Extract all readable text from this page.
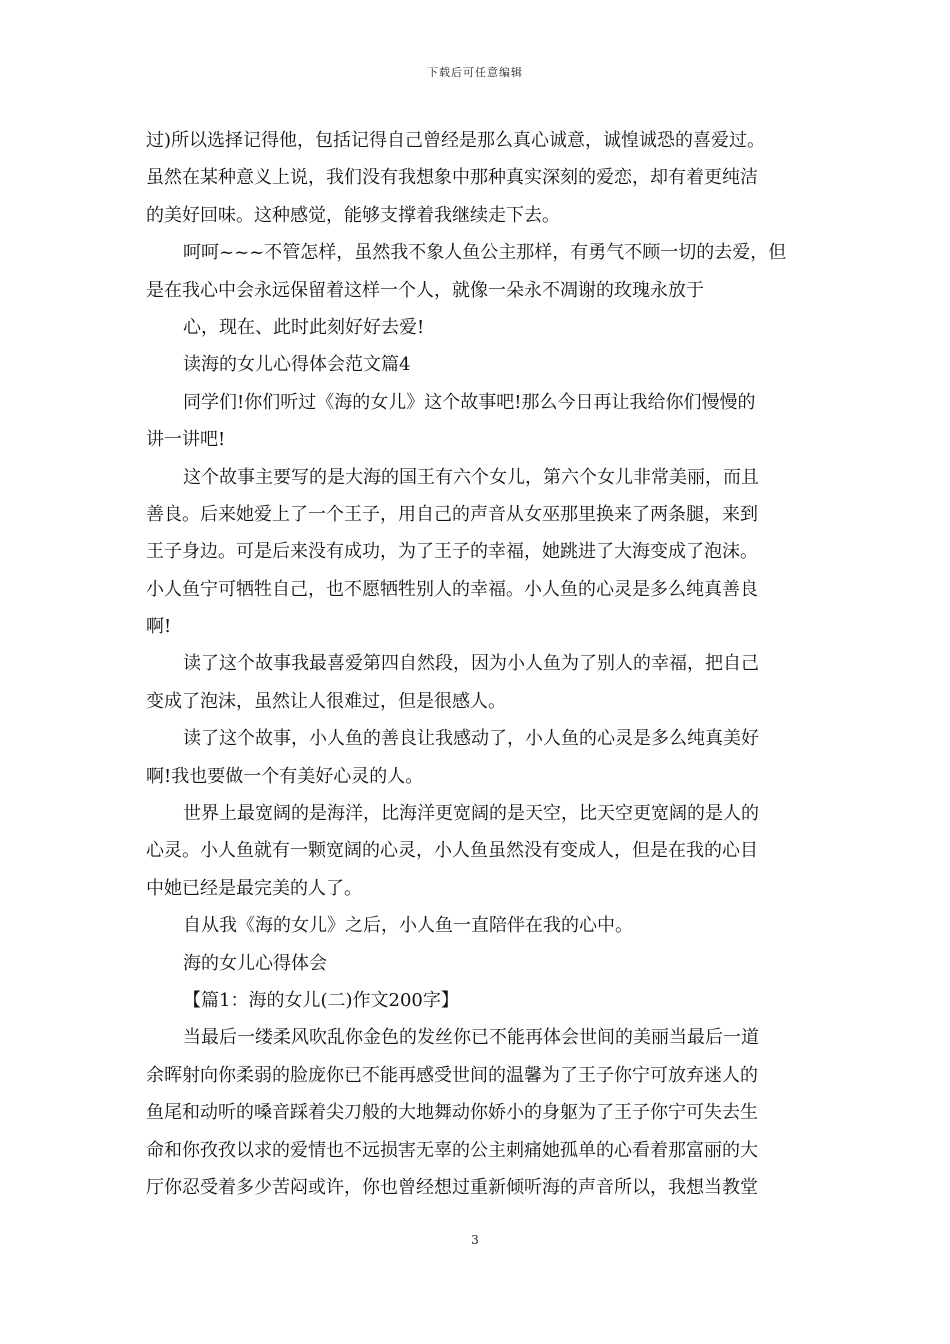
下载后可任意编辑
过)所以选择记得他，包括记得自己曾经是那么真心诚意，诚惶诚恐的喜爱过。
虽然在某种意义上说，我们没有我想象中那种真实深刻的爱恋，却有着更纯洁
的美好回味。这种感觉，能够支撑着我继续走下去。
呵呵~~~不管怎样，虽然我不象人鱼公主那样，有勇气不顾一切的去爱，但
是在我心中会永远保留着这样一个人，就像一朵永不凋谢的玫瑰永放于
心，现在、此时此刻好好去爱!
读海的女儿心得体会范文篇4
同学们!你们听过《海的女儿》这个故事吧!那么今日再让我给你们慢慢的
讲一讲吧!
这个故事主要写的是大海的国王有六个女儿，第六个女儿非常美丽，而且
善良。后来她爱上了一个王子，用自己的声音从女巫那里换来了两条腿，来到
王子身边。可是后来没有成功，为了王子的幸福，她跳进了大海变成了泡沫。
小人鱼宁可牺牲自己，也不愿牺牲别人的幸福。小人鱼的心灵是多么纯真善良
啊!
读了这个故事我最喜爱第四自然段，因为小人鱼为了别人的幸福，把自己
变成了泡沫，虽然让人很难过，但是很感人。
读了这个故事，小人鱼的善良让我感动了，小人鱼的心灵是多么纯真美好
啊!我也要做一个有美好心灵的人。
世界上最宽阔的是海洋，比海洋更宽阔的是天空，比天空更宽阔的是人的
心灵。小人鱼就有一颗宽阔的心灵，小人鱼虽然没有变成人，但是在我的心目
中她已经是最完美的人了。
自从我《海的女儿》之后，小人鱼一直陪伴在我的心中。
海的女儿心得体会
【篇1：海的女儿(二)作文200字】
当最后一缕柔风吹乱你金色的发丝你已不能再体会世间的美丽当最后一道
余晖射向你柔弱的脸庞你已不能再感受世间的温馨为了王子你宁可放弃迷人的
鱼尾和动听的嗓音踩着尖刀般的大地舞动你娇小的身躯为了王子你宁可失去生
命和你孜孜以求的爱情也不远损害无辜的公主刺痛她孤单的心看着那富丽的大
厅你忍受着多少苦闷或许，你也曾经想过重新倾听海的声音所以，我想当教堂
3
